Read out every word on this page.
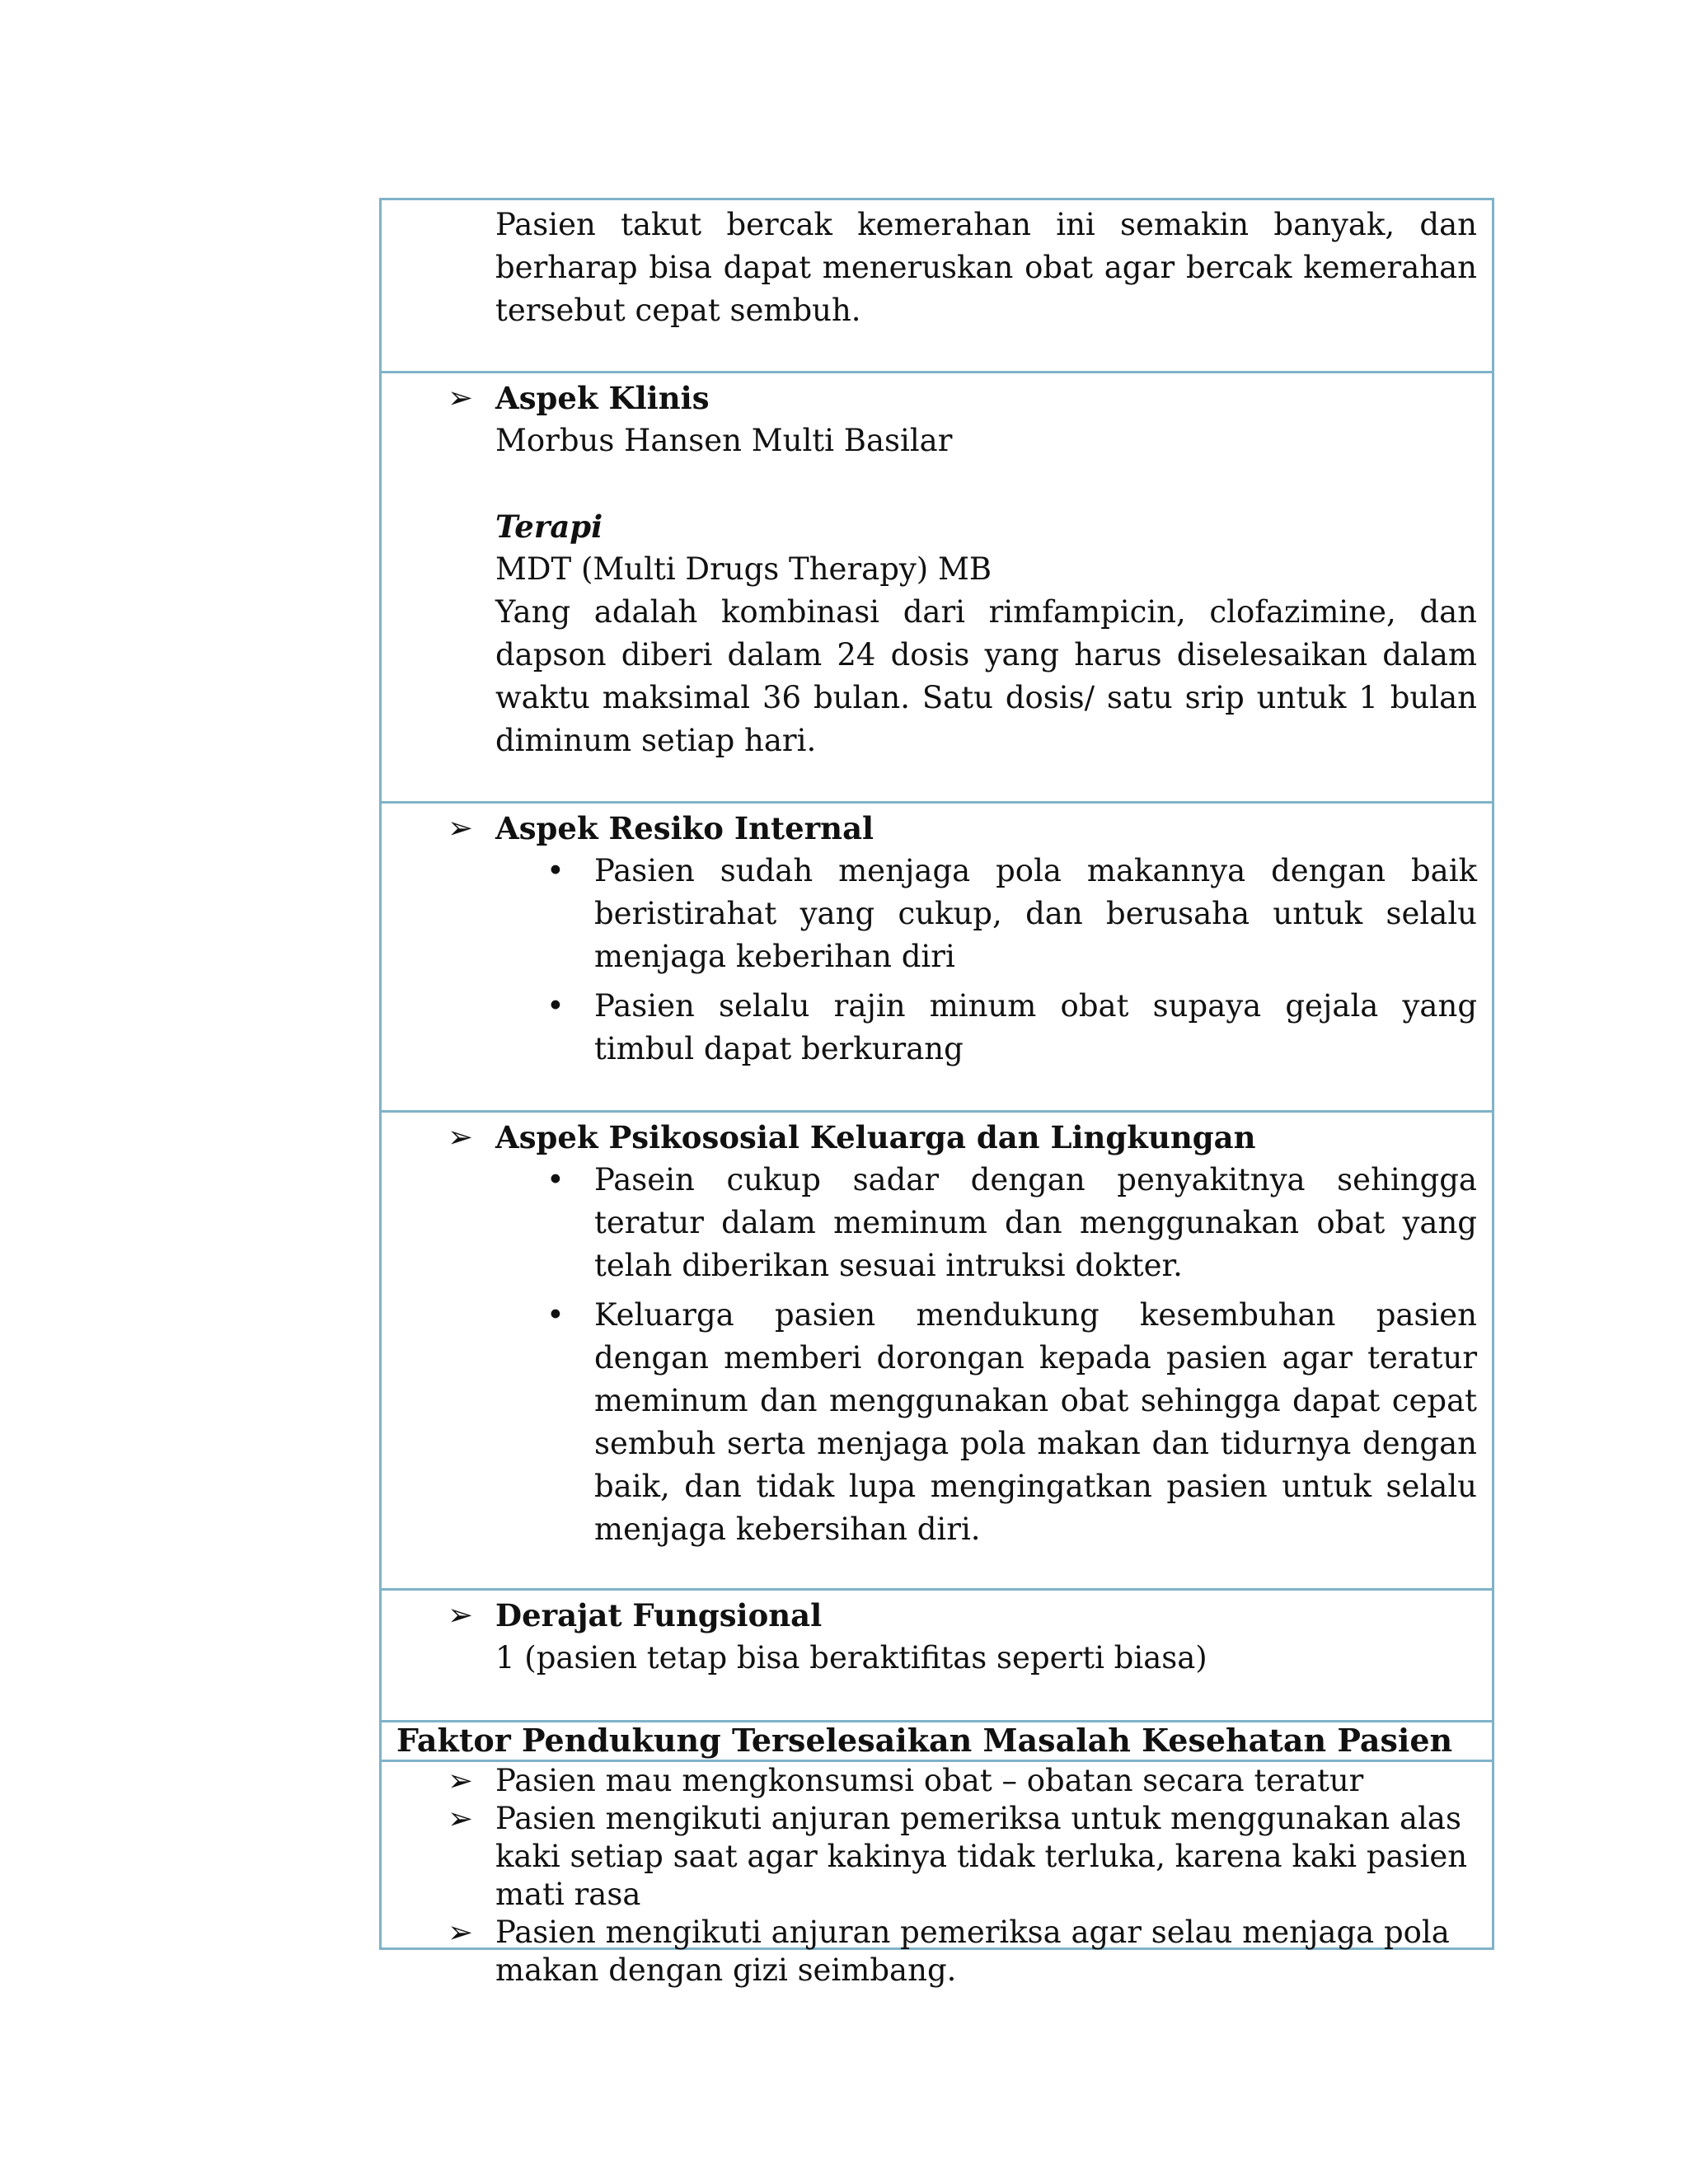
Pasien takut bercak kemerahan ini semakin banyak, dan berharap bisa dapat meneruskan obat agar bercak kemerahan tersebut cepat sembuh.
➢ Aspek Klinis

Morbus Hansen Multi Basilar

Terapi

MDT (Multi Drugs Therapy) MB

Yang adalah kombinasi dari rimfampicin, clofazimine, dan dapson diberi dalam 24 dosis yang harus diselesaikan dalam waktu maksimal 36 bulan. Satu dosis/ satu srip untuk 1 bulan diminum setiap hari.

➢ Aspek Resiko Internal
• Pasien sudah menjaga pola makannya dengan baik beristirahat yang cukup, dan berusaha untuk selalu menjaga keberihan diri
• Pasien selalu rajin minum obat supaya gejala yang timbul dapat berkurang
➢ Aspek Psikososial Keluarga dan Lingkungan
• Pasein cukup sadar dengan penyakitnya sehingga teratur dalam meminum dan menggunakan obat yang telah diberikan sesuai intruksi dokter.
• Keluarga pasien mendukung kesembuhan pasien dengan memberi dorongan kepada pasien agar teratur meminum dan menggunakan obat sehingga dapat cepat sembuh serta menjaga pola makan dan tidurnya dengan baik, dan tidak lupa mengingatkan pasien untuk selalu menjaga kebersihan diri.
➢ Derajat Fungsional

1 (pasien tetap bisa beraktifitas seperti biasa)

Faktor Pendukung Terselesaikan Masalah Kesehatan Pasien
➢ Pasien mau mengkonsumsi obat – obatan secara teratur
➢ Pasien mengikuti anjuran pemeriksa untuk menggunakan alas kaki setiap saat agar kakinya tidak terluka, karena kaki pasien mati rasa
➢ Pasien mengikuti anjuran pemeriksa agar selau menjaga pola makan dengan gizi seimbang.
